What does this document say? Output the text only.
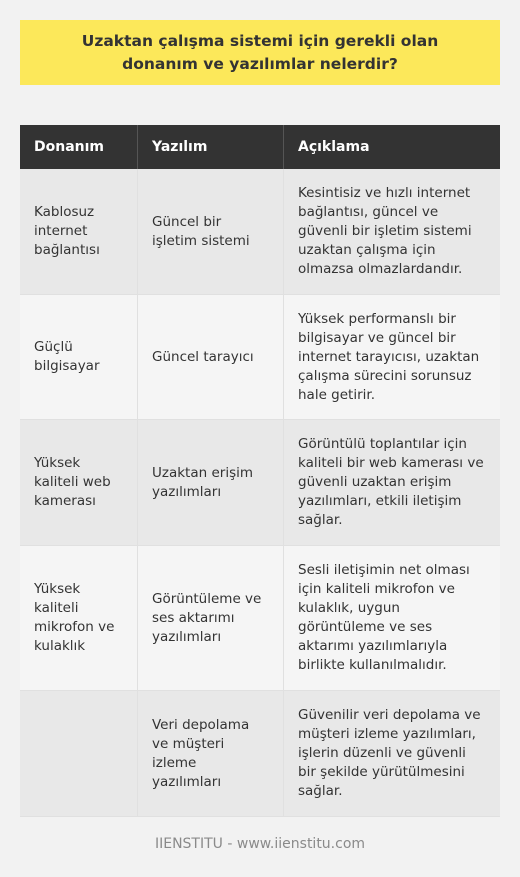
Uzaktan çalışma sistemi için gerekli olan donanım ve yazılımlar nelerdir?
Donanım	Yazılım	Açıklama
Kablosuz internet bağlantısı
Güncel bir işletim sistemi
Kesintisiz ve hızlı internet bağlantısı, güncel ve güvenli bir işletim sistemi uzaktan çalışma için olmazsa olmazlardandır.
Güçlü bilgisayar
Güncel tarayıcı
Yüksek performanslı bir bilgisayar ve güncel bir internet tarayıcısı, uzaktan çalışma sürecini sorunsuz hale getirir.
Yüksek kaliteli web kamerası
Uzaktan erişim yazılımları
Görüntülü toplantılar için kaliteli bir web kamerası ve güvenli uzaktan erişim yazılımları, etkili iletişim sağlar.
Yüksek kaliteli mikrofon ve kulaklık
Görüntüleme ve ses aktarımı yazılımları
Sesli iletişimin net olması için kaliteli mikrofon ve kulaklık, uygun görüntüleme ve ses aktarımı yazılımlarıyla birlikte kullanılmalıdır.
Veri depolama ve müşteri izleme yazılımları
Güvenilir veri depolama ve müşteri izleme yazılımları, işlerin düzenli ve güvenli bir şekilde yürütülmesini sağlar.
IIENSTITU - www.iienstitu.com
